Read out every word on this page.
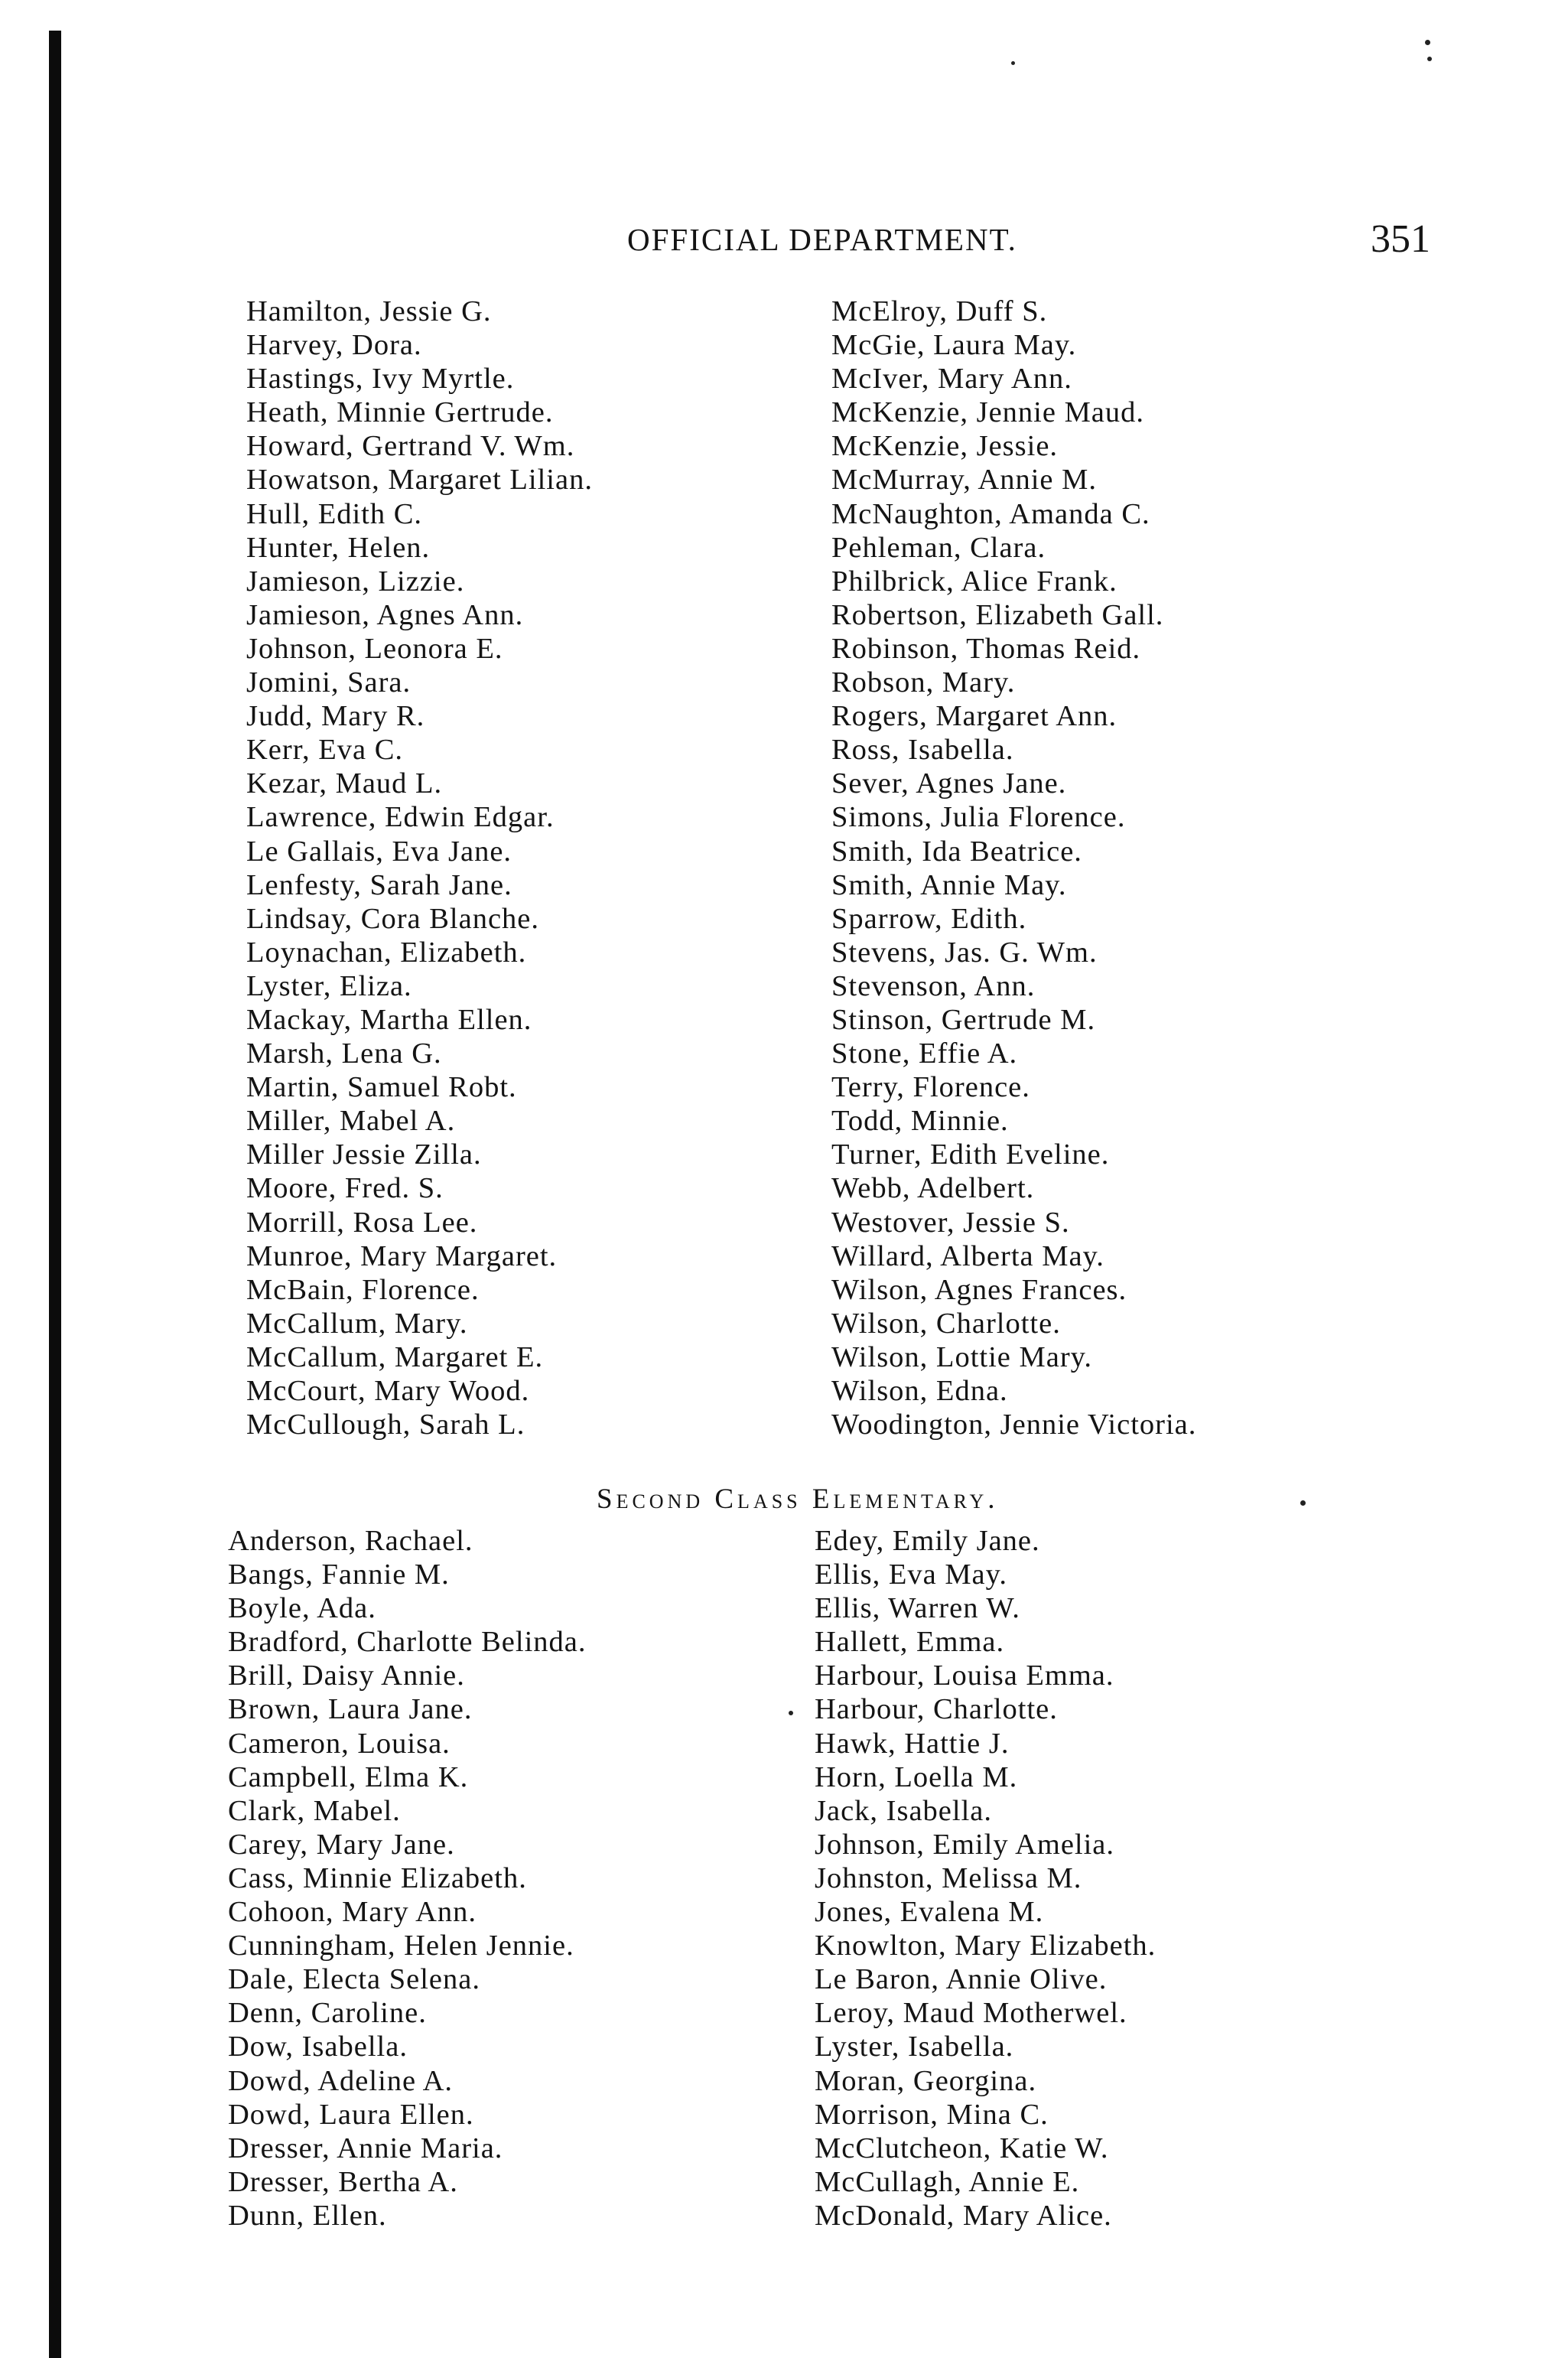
OFFICIAL DEPARTMENT.	351
Hamilton, Jessie G.
Harvey, Dora.
Hastings, Ivy Myrtle.
Heath, Minnie Gertrude.
Howard, Gertrand V. Wm.
Howatson, Margaret Lilian.
Hull, Edith C.
Hunter, Helen.
Jamieson, Lizzie.
Jamieson, Agnes Ann.
Johnson, Leonora E.
Jomini, Sara.
Judd, Mary R.
Kerr, Eva C.
Kezar, Maud L.
Lawrence, Edwin Edgar.
Le Gallais, Eva Jane.
Lenfesty, Sarah Jane.
Lindsay, Cora Blanche.
Loynachan, Elizabeth.
Lyster, Eliza.
Mackay, Martha Ellen.
Marsh, Lena G.
Martin, Samuel Robt.
Miller, Mabel A.
Miller Jessie Zilla.
Moore, Fred. S.
Morrill, Rosa Lee.
Munroe, Mary Margaret.
McBain, Florence.
McCallum, Mary.
McCallum, Margaret E.
McCourt, Mary Wood.
McCullough, Sarah L.
McElroy, Duff S.
McGie, Laura May.
McIver, Mary Ann.
McKenzie, Jennie Maud.
McKenzie, Jessie.
McMurray, Annie M.
McNaughton, Amanda C.
Pehleman, Clara.
Philbrick, Alice Frank.
Robertson, Elizabeth Gall.
Robinson, Thomas Reid.
Robson, Mary.
Rogers, Margaret Ann.
Ross, Isabella.
Sever, Agnes Jane.
Simons, Julia Florence.
Smith, Ida Beatrice.
Smith, Annie May.
Sparrow, Edith.
Stevens, Jas. G. Wm.
Stevenson, Ann.
Stinson, Gertrude M.
Stone, Effie A.
Terry, Florence.
Todd, Minnie.
Turner, Edith Eveline.
Webb, Adelbert.
Westover, Jessie S.
Willard, Alberta May.
Wilson, Agnes Frances.
Wilson, Charlotte.
Wilson, Lottie Mary.
Wilson, Edna.
Woodington, Jennie Victoria.
Second Class Elementary.
Anderson, Rachael.
Bangs, Fannie M.
Boyle, Ada.
Bradford, Charlotte Belinda.
Brill, Daisy Annie.
Brown, Laura Jane.
Cameron, Louisa.
Campbell, Elma K.
Clark, Mabel.
Carey, Mary Jane.
Cass, Minnie Elizabeth.
Cohoon, Mary Ann.
Cunningham, Helen Jennie.
Dale, Electa Selena.
Denn, Caroline.
Dow, Isabella.
Dowd, Adeline A.
Dowd, Laura Ellen.
Dresser, Annie Maria.
Dresser, Bertha A.
Dunn, Ellen.
Edey, Emily Jane.
Ellis, Eva May.
Ellis, Warren W.
Hallett, Emma.
Harbour, Louisa Emma.
Harbour, Charlotte.
Hawk, Hattie J.
Horn, Loella M.
Jack, Isabella.
Johnson, Emily Amelia.
Johnston, Melissa M.
Jones, Evalena M.
Knowlton, Mary Elizabeth.
Le Baron, Annie Olive.
Leroy, Maud Motherwel.
Lyster, Isabella.
Moran, Georgina.
Morrison, Mina C.
McClutcheon, Katie W.
McCullagh, Annie E.
McDonald, Mary Alice.
